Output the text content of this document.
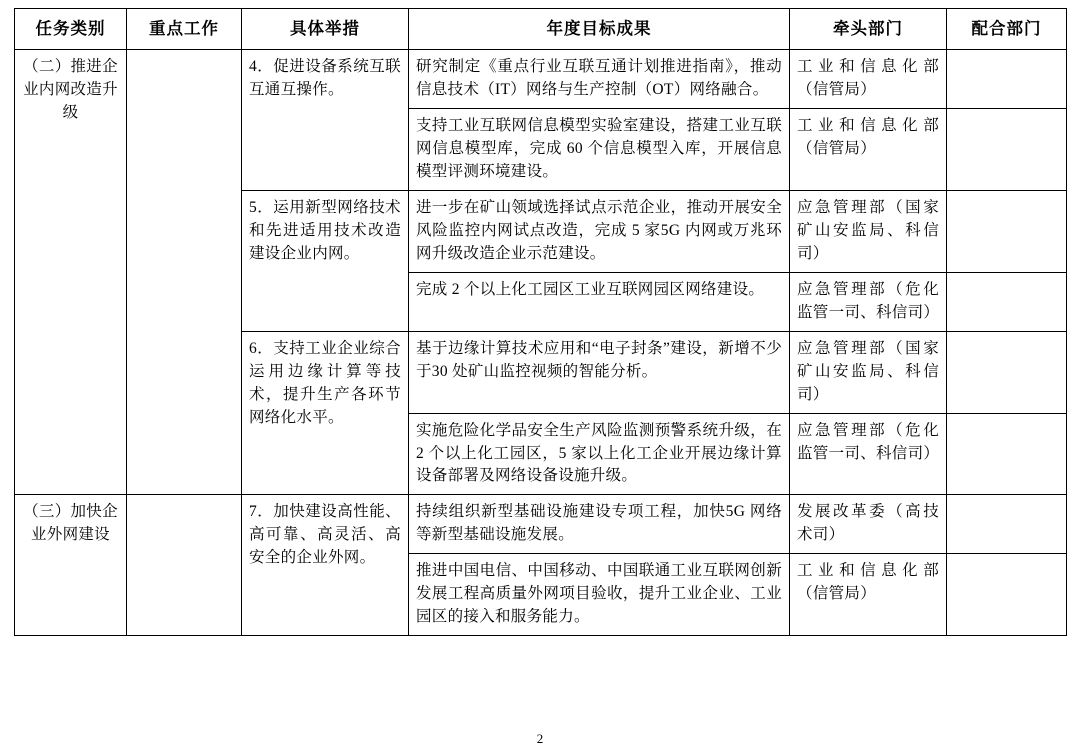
任务类别	重点工作	具体举措	年度目标成果	牵头部门	配合部门
（二）推进企业内网改造升级		4．促进设备系统互联互通互操作。	研究制定《重点行业互联互通计划推进指南》，推动信息技术（IT）网络与生产控制（OT）网络融合。	工业和信息化部（信管局）	
			支持工业互联网信息模型实验室建设，搭建工业互联网信息模型库，完成 60 个信息模型入库，开展信息模型评测环境建设。	工业和信息化部（信管局）	
		5．运用新型网络技术和先进适用技术改造建设企业内网。	进一步在矿山领域选择试点示范企业，推动开展安全风险监控内网试点改造，完成 5 家5G 内网或万兆环网升级改造企业示范建设。	应急管理部（国家矿山安监局、科信司）	
			完成 2 个以上化工园区工业互联网园区网络建设。	应急管理部（危化监管一司、科信司）	
		6．支持工业企业综合运用边缘计算等技术，提升生产各环节网络化水平。	基于边缘计算技术应用和“电子封条”建设，新增不少于30 处矿山监控视频的智能分析。	应急管理部（国家矿山安监局、科信司）	
			实施危险化学品安全生产风险监测预警系统升级，在 2 个以上化工园区，5 家以上化工企业开展边缘计算设备部署及网络设备设施升级。	应急管理部（危化监管一司、科信司）	
（三）加快企业外网建设		7．加快建设高性能、高可靠、高灵活、高安全的企业外网。	持续组织新型基础设施建设专项工程，加快5G 网络等新型基础设施发展。	发展改革委（高技术司）	
			推进中国电信、中国移动、中国联通工业互联网创新发展工程高质量外网项目验收，提升工业企业、工业园区的接入和服务能力。	工业和信息化部（信管局）	
2
